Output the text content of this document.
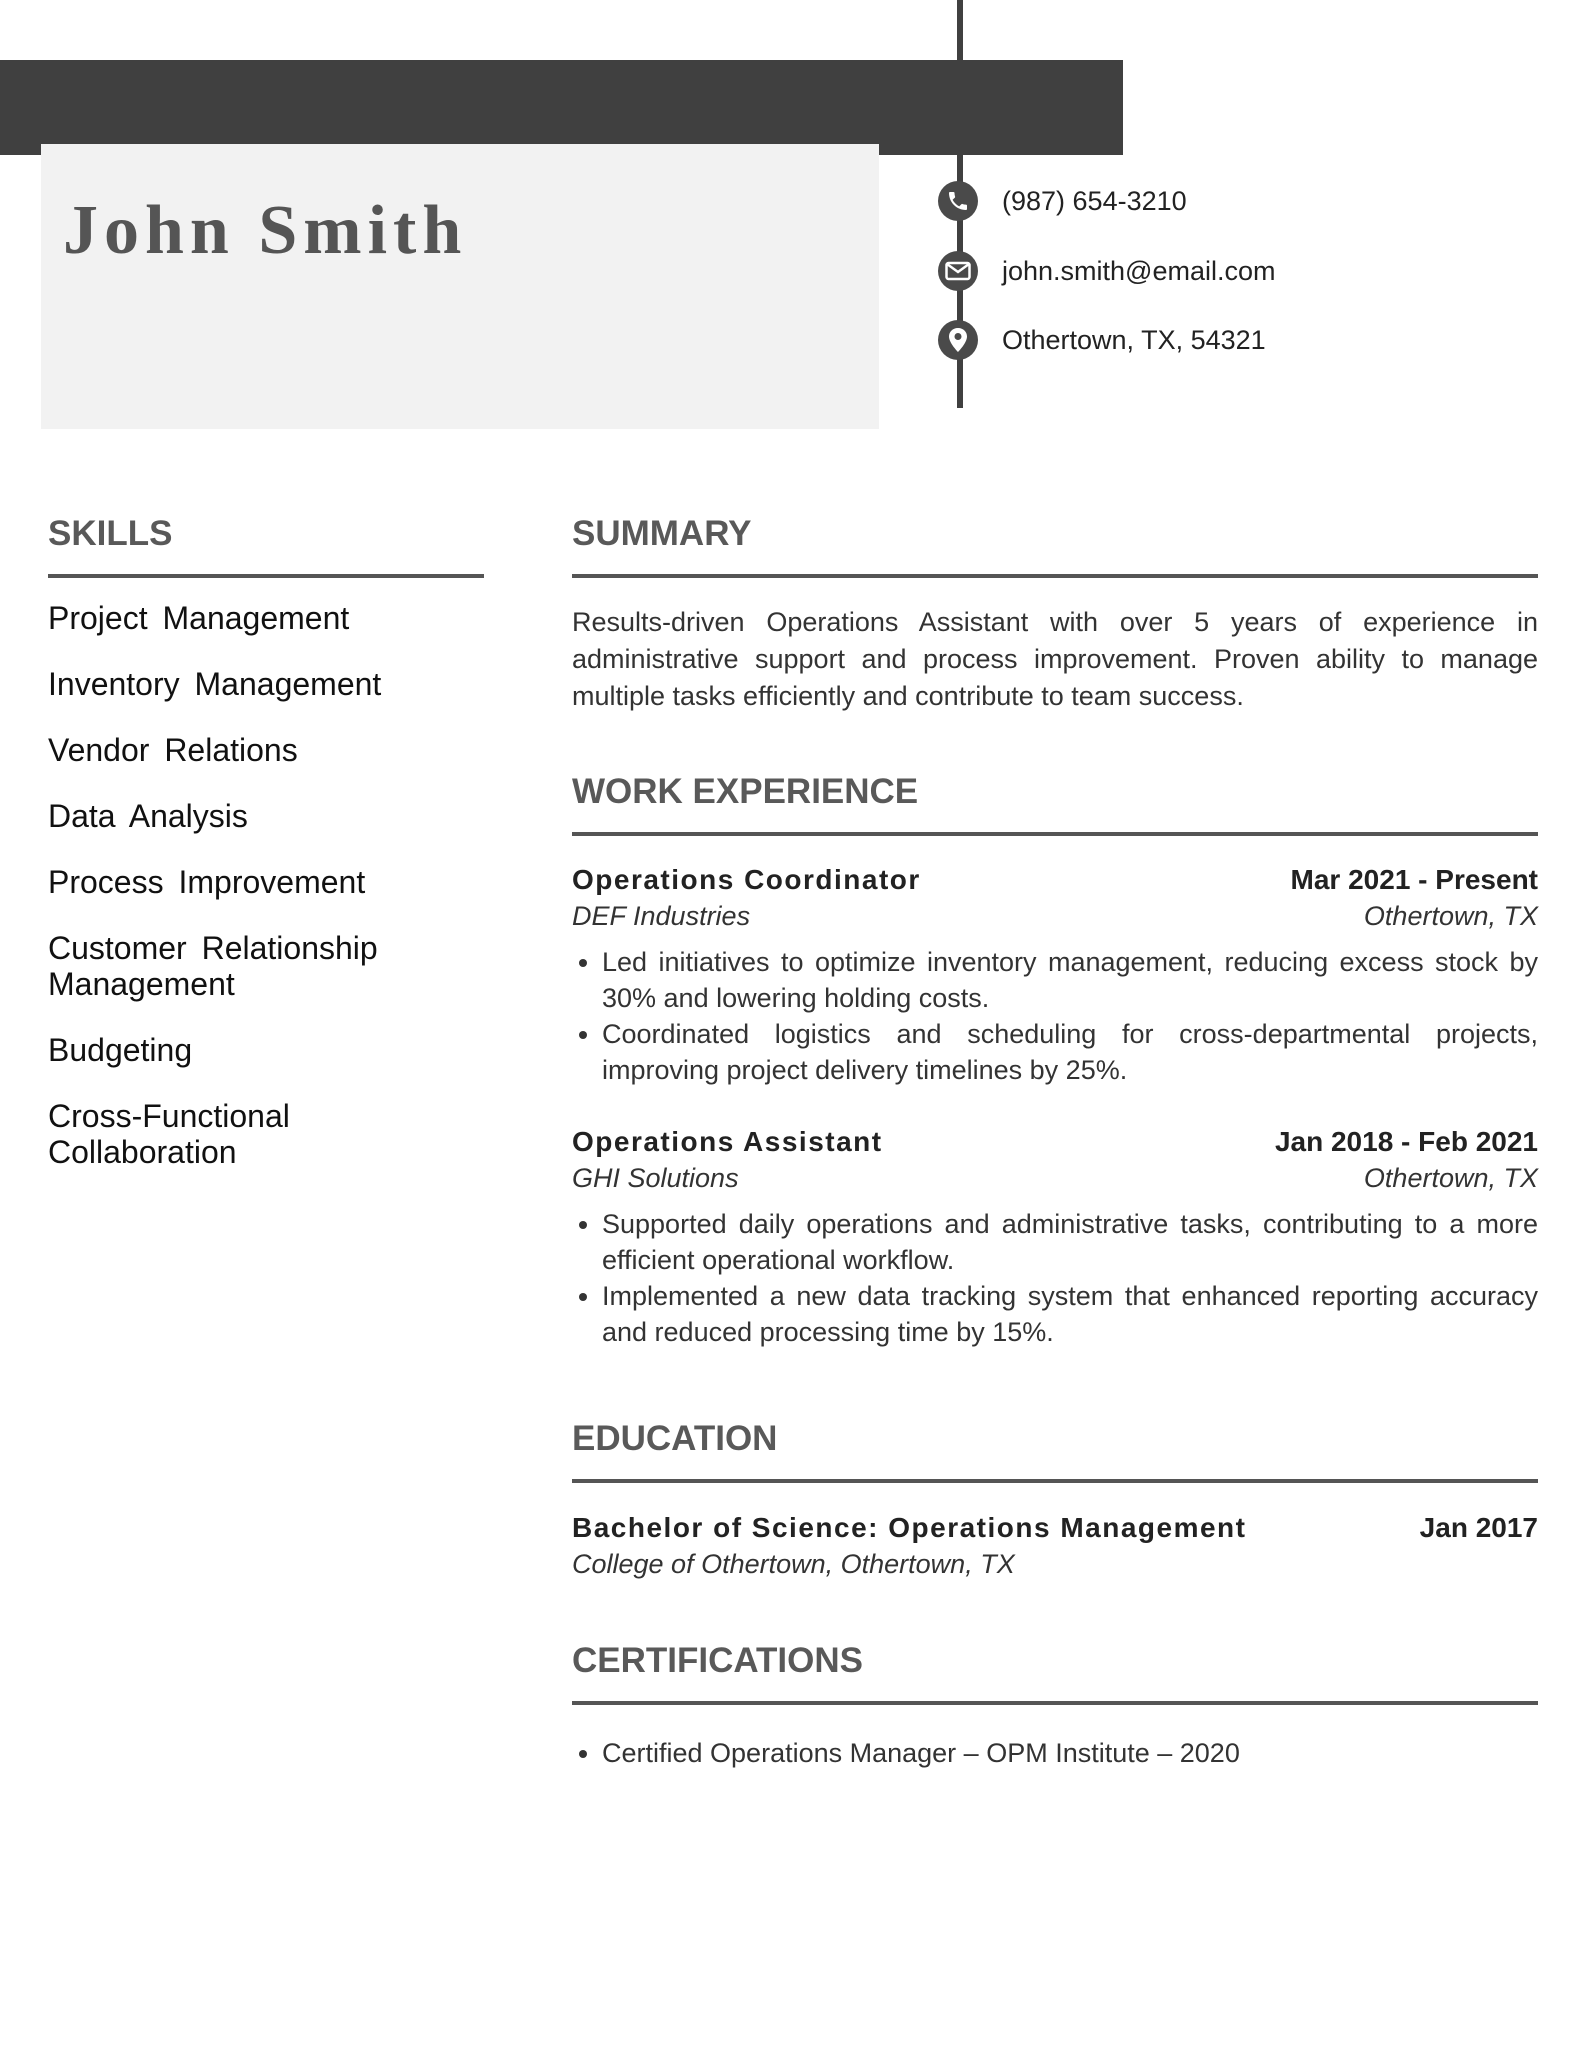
John Smith	(987) 654-3210
john.smith@email.com
Othertown, TX, 54321
SKILLS
Project Management
Inventory Management
Vendor Relations
Data Analysis
Process Improvement
Customer Relationship Management
Budgeting
Cross-Functional Collaboration
SUMMARY

Results-driven Operations Assistant with over 5 years of experience in administrative support and process improvement. Proven ability to manage multiple tasks efficiently and contribute to team success.

WORK EXPERIENCE
Operations Coordinator	Mar 2021 - Present
DEF Industries	Othertown, TX
• Led initiatives to optimize inventory management, reducing excess stock by 30% and lowering holding costs.
• Coordinated logistics and scheduling for cross-departmental projects, improving project delivery timelines by 25%.
Operations Assistant	Jan 2018 - Feb 2021
GHI Solutions	Othertown, TX
• Supported daily operations and administrative tasks, contributing to a more efficient operational workflow.
• Implemented a new data tracking system that enhanced reporting accuracy and reduced processing time by 15%.
EDUCATION
Bachelor of Science: Operations Management	Jan 2017
College of Othertown, Othertown, TX
CERTIFICATIONS
• Certified Operations Manager – OPM Institute – 2020
